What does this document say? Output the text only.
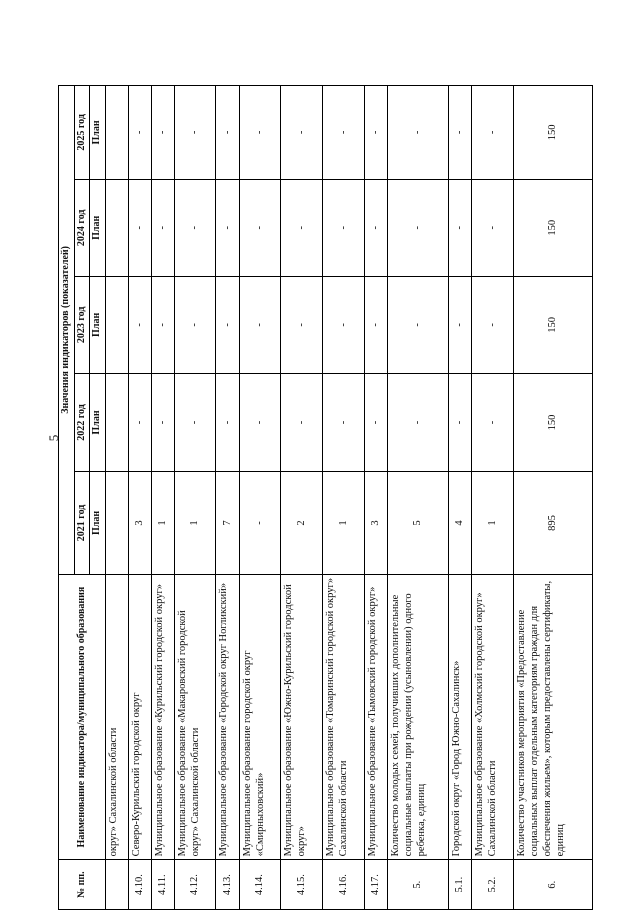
5
№ пп.	Наименование индикатора/муниципального образования	Значения индикаторов (показателей)				
		2021 год	2022 год	2023 год	2024 год	2025 год
		План	План	План	План	План
	округ» Сахалинской области					
4.10.	Северо-Курильский городской округ	3	-	-	-	-
4.11.	Муниципальное образование «Курильский городской округ»	1	-	-	-	-
4.12.	Муниципальное образование «Макаровский городской округ» Сахалинской области	1	-	-	-	-
4.13.	Муниципальное образование «Городской округ Ногликский»	7	-	-	-	-
4.14.	Муниципальное образование городской округ «Смирныховский»	-	-	-	-	-
4.15.	Муниципальное образование «Южно-Курильский городской округ»	2	-	-	-	-
4.16.	Муниципальное образование «Томаринский городской округ» Сахалинской области	1	-	-	-	-
4.17.	Муниципальное образование «Тымовский городской округ»	3	-	-	-	-
5.	Количество молодых семей, получивших дополнительные социальные выплаты при рождении (усыновлении) одного ребенка, единиц	5	-	-	-	-
5.1.	Городской округ «Город Южно-Сахалинск»	4	-	-	-	-
5.2.	Муниципальное образование «Холмский городской округ» Сахалинской области	1	-	-	-	-
6.	Количество участников мероприятия «Предоставление социальных выплат отдельным категориям граждан для обеспечения жильем», которым предоставлены сертификаты, единиц	895	150	150	150	150
